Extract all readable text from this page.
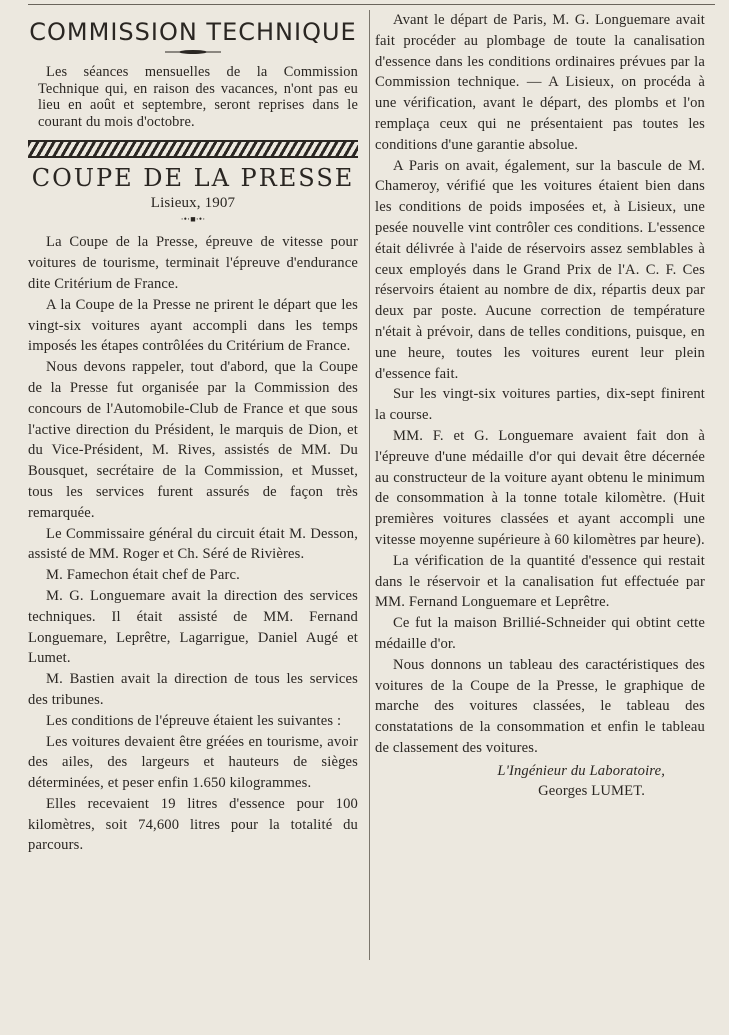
COMMISSION TECHNIQUE

Les séances mensuelles de la Commission Technique qui, en raison des vacances, n'ont pas eu lieu en août et septembre, seront reprises dans le courant du mois d'octobre.

COUPE DE LA PRESSE
Lisieux, 1907
·•·■·•·

La Coupe de la Presse, épreuve de vitesse pour voitures de tourisme, terminait l'épreuve d'endurance dite Critérium de France.

A la Coupe de la Presse ne prirent le départ que les vingt-six voitures ayant accompli dans les temps imposés les étapes contrôlées du Critérium de France.

Nous devons rappeler, tout d'abord, que la Coupe de la Presse fut organisée par la Commission des concours de l'Automobile-Club de France et que sous l'active direction du Président, le marquis de Dion, et du Vice-Président, M. Rives, assistés de MM. Du Bousquet, secrétaire de la Commission, et Musset, tous les services furent assurés de façon très remarquée.

Le Commissaire général du circuit était M. Desson, assisté de MM. Roger et Ch. Séré de Rivières.

M. Famechon était chef de Parc.

M. G. Longuemare avait la direction des services techniques. Il était assisté de MM. Fernand Longuemare, Leprêtre, Lagarrigue, Daniel Augé et Lumet.

M. Bastien avait la direction de tous les services des tribunes.

Les conditions de l'épreuve étaient les suivantes :

Les voitures devaient être gréées en tourisme, avoir des ailes, des largeurs et hauteurs de sièges déterminées, et peser enfin 1.650 kilogrammes.

Elles recevaient 19 litres d'essence pour 100 kilomètres, soit 74,600 litres pour la totalité du parcours.

Avant le départ de Paris, M. G. Longuemare avait fait procéder au plombage de toute la canalisation d'essence dans les conditions ordinaires prévues par la Commission technique. — A Lisieux, on procéda à une vérification, avant le départ, des plombs et l'on remplaça ceux qui ne présentaient pas toutes les conditions d'une garantie absolue.

A Paris on avait, également, sur la bascule de M. Chameroy, vérifié que les voitures étaient bien dans les conditions de poids imposées et, à Lisieux, une pesée nouvelle vint contrôler ces conditions. L'essence était délivrée à l'aide de réservoirs assez semblables à ceux employés dans le Grand Prix de l'A. C. F. Ces réservoirs étaient au nombre de dix, répartis deux par deux par poste. Aucune correction de température n'était à prévoir, dans de telles conditions, puisque, en une heure, toutes les voitures eurent leur plein d'essence fait.

Sur les vingt-six voitures parties, dix-sept finirent la course.

MM. F. et G. Longuemare avaient fait don à l'épreuve d'une médaille d'or qui devait être décernée au constructeur de la voiture ayant obtenu le minimum de consommation à la tonne totale kilomètre. (Huit premières voitures classées et ayant accompli une vitesse moyenne supérieure à 60 kilomètres par heure).

La vérification de la quantité d'essence qui restait dans le réservoir et la canalisation fut effectuée par MM. Fernand Longuemare et Leprêtre.

Ce fut la maison Brillié-Schneider qui obtint cette médaille d'or.

Nous donnons un tableau des caractéristiques des voitures de la Coupe de la Presse, le graphique de marche des voitures classées, le tableau des constatations de la consommation et enfin le tableau de classement des voitures.

L'Ingénieur du Laboratoire,

Georges LUMET.
